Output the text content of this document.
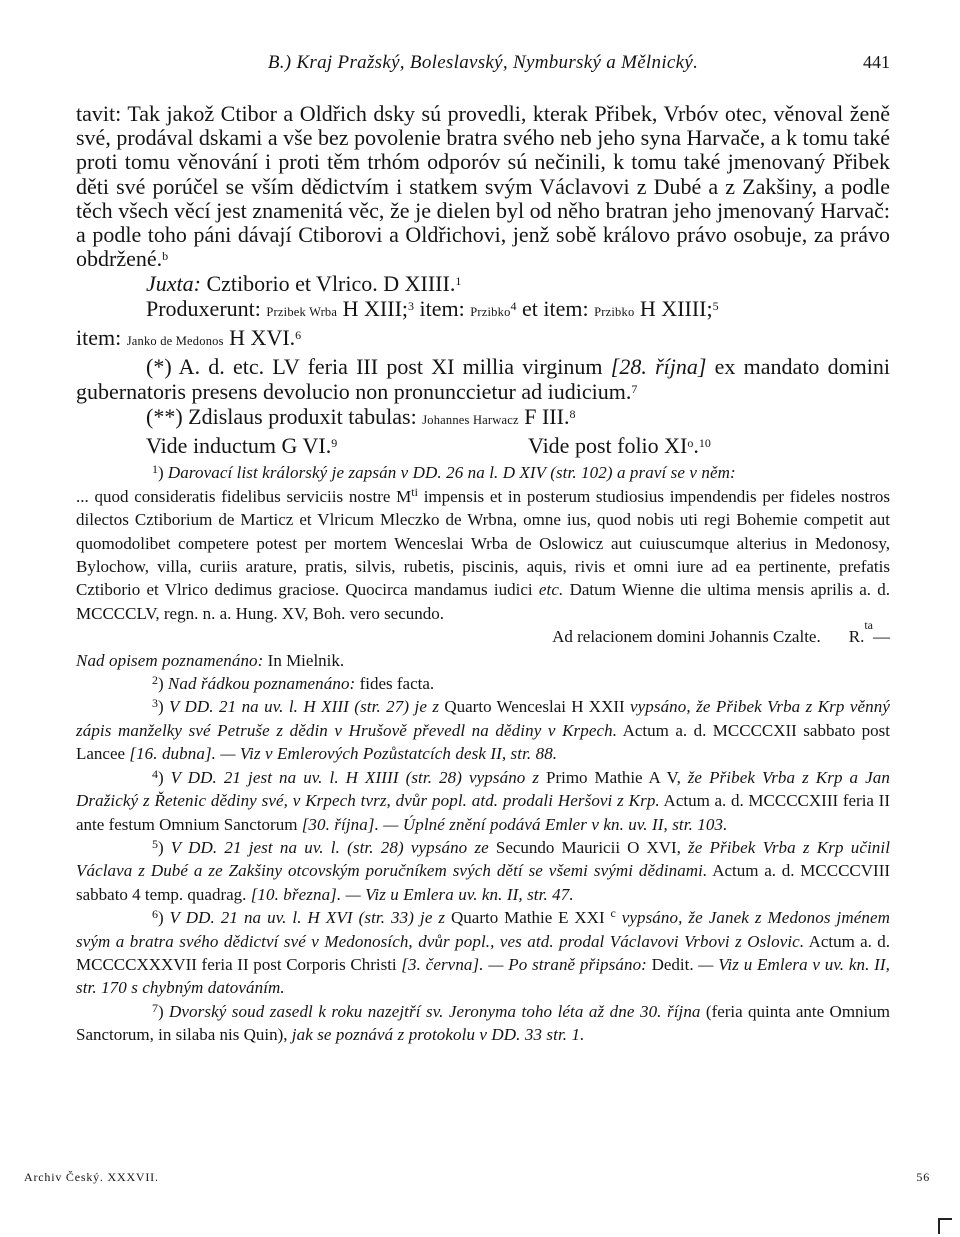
B.) Kraj Pražský, Boleslavský, Nymburský a Mělnický.	441

tavit: Tak jakož Ctibor a Oldřich dsky sú provedli, kterak Přibek, Vrbóv otec, věnoval ženě své, prodával dskami a vše bez povolenie bratra svého neb jeho syna Harvače, a k tomu také proti tomu věnování i proti těm trhóm odporóv sú nečinili, k tomu také jmenovaný Přibek děti své porúčel se vším dědictvím i statkem svým Václavovi z Dubé a z Zakšiny, a podle těch všech věcí jest znamenitá věc, že je dielen byl od něho bratran jeho jmenovaný Harvač: a podle toho páni dávají Ctiborovi a Oldřichovi, jenž sobě královo právo osobuje, za právo obdržené.$^b$

Juxta: Cztiborio et Vlrico. D XIIII.$^1$

Produxerunt: Przibek Wrba H XIII;$^3$ item: Przibko$^4$ et item: Przibko H XIIII;$^5$

item: Janko de Medonos H XVI.$^6$

(*) A. d. etc. LV feria III post XI millia virginum [28. října] ex mandato domini gubernatoris presens devolucio non pronunccietur ad iudicium.$^7$

(**) Zdislaus produxit tabulas: Johannes Harwacz F III.$^8$

Vide inductum G VI.$^9$	Vide post folio $XI^o.^{10}$

$^1$) Darovací list králorský je zapsán v DD. 26 na l. D XIV (str. 102) a praví se v něm:

... quod consideratis fidelibus serviciis nostre $M^{ti}$ impensis et in posterum studiosius impendendis per fideles nostros dilectos Cztiborium de Marticz et Vlricum Mleczko de Wrbna, omne ius, quod nobis uti regi Bohemie competit aut quomodolibet competere potest per mortem Wenceslai Wrba de Oslowicz aut cuiuscumque alterius in Medonosy, Bylochow, villa, curiis arature, pratis, silvis, rubetis, piscinis, aquis, rivis et omni iure ad ea pertinente, prefatis Cztiborio et Vlrico dedimus graciose. Quocirca mandamus iudici etc. Datum Wienne die ultima mensis aprilis a. d. MCCCCLV, regn. n. a. Hung. XV, Boh. vero secundo.

Ad relacionem domini Johannis Czalte. R.
ta
—

Nad opisem poznamenáno: In Mielnik.

$^2$) Nad řádkou poznamenáno: fides facta.

$^3$) V DD. 21 na uv. l. H XIII (str. 27) je z Quarto Wenceslai H XXII vypsáno, že Přibek Vrba z Krp věnný zápis manželky své Petruše z dědin v Hrušově převedl na dědiny v Krpech. Actum a. d. MCCCCXII sabbato post Lancee [16. dubna]. — Viz v Emlerových Pozůstatcích desk II, str. 88.

$^4$) V DD. 21 jest na uv. l. H XIIII (str. 28) vypsáno z Primo Mathie A V, že Přibek Vrba z Krp a Jan Dražický z Řetenic dědiny své, v Krpech tvrz, dvůr popl. atd. prodali Heršovi z Krp. Actum a. d. MCCCCXIII feria II ante festum Omnium Sanctorum [30. října]. — Úplné znění podává Emler v kn. uv. II, str. 103.

$^5$) V DD. 21 jest na uv. l. (str. 28) vypsáno ze Secundo Mauricii O XVI, že Přibek Vrba z Krp učinil Václava z Dubé a ze Zakšiny otcovským poručníkem svých dětí se všemi svými dědinami. Actum a. d. MCCCCVIII sabbato 4 temp. quadrag. [10. března]. — Viz u Emlera uv. kn. II, str. 47.

$^6$) V DD. 21 na uv. l. H XVI (str. 33) je z Quarto Mathie E XXI $^c$ vypsáno, že Janek z Medonos jménem svým a bratra svého dědictví své v Medonosích, dvůr popl., ves atd. prodal Václavovi Vrbovi z Oslovic. Actum a. d. MCCCCXXXVII feria II post Corporis Christi [3. června]. — Po straně připsáno: Dedit. — Viz u Emlera v uv. kn. II, str. 170 s chybným datováním.

$^7$) Dvorský soud zasedl k roku nazejtří sv. Jeronyma toho léta až dne 30. října (feria quinta ante Omnium Sanctorum, in silaba nis Quin), jak se poznává z protokolu v DD. 33 str. 1.

Archiv Český. XXXVII.	56
